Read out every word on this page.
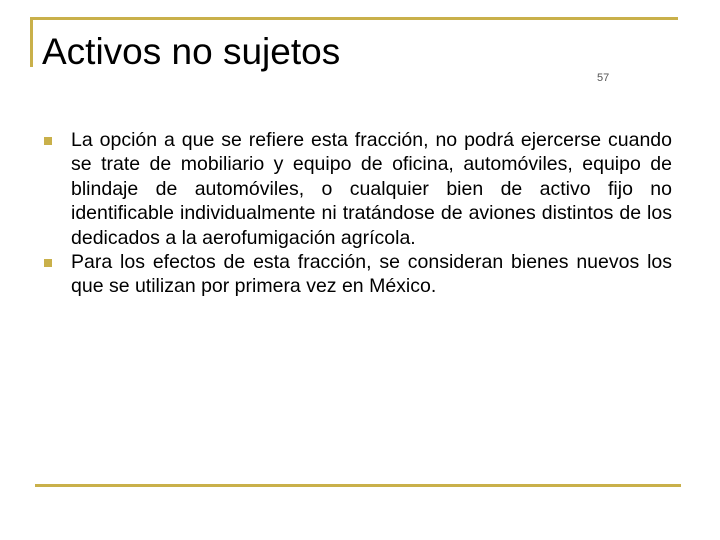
Activos no sujetos
57
La opción a que se refiere esta fracción, no podrá ejercerse cuando se trate de mobiliario y equipo de oficina, automóviles, equipo de blindaje de automóviles, o cualquier bien de activo fijo no identificable individualmente ni tratándose de aviones distintos de los dedicados a la aerofumigación agrícola.
Para los efectos de esta fracción, se consideran bienes nuevos los que se utilizan por primera vez en México.
